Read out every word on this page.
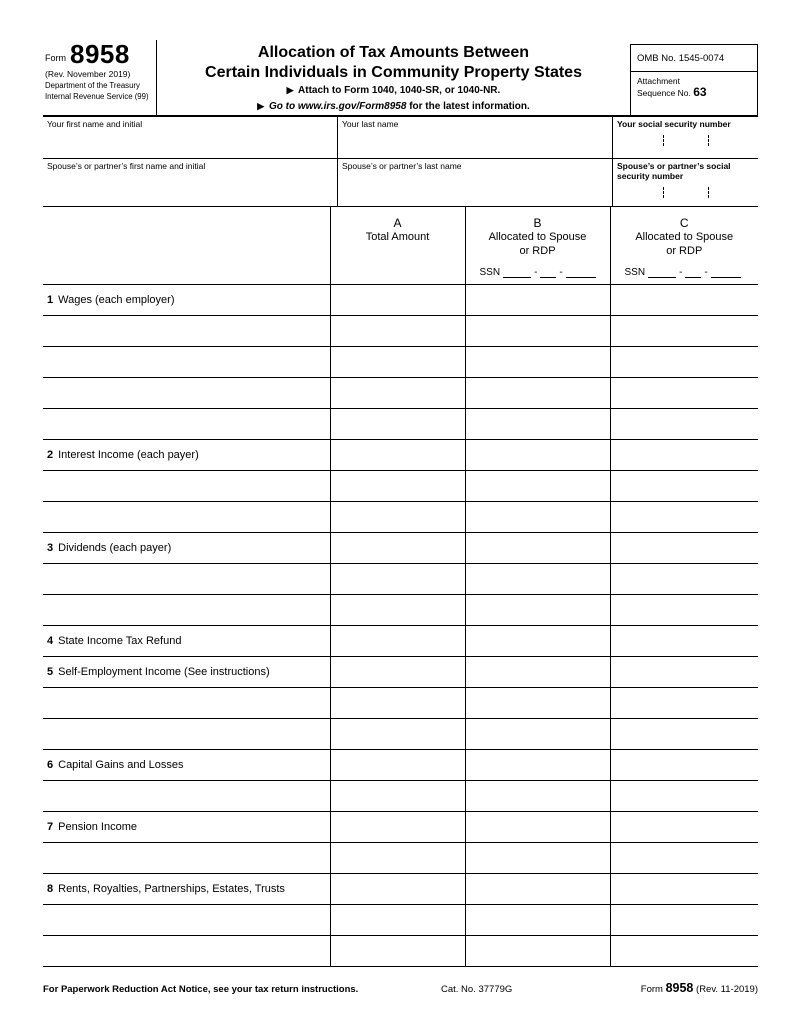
Form 8958
(Rev. November 2019)
Department of the Treasury
Internal Revenue Service (99)
Allocation of Tax Amounts Between
Certain Individuals in Community Property States
▶ Attach to Form 1040, 1040-SR, or 1040-NR.
▶ Go to www.irs.gov/Form8958 for the latest information.
OMB No. 1545-0074
Attachment
Sequence No. 63
Your first name and initial	Your last name	Your social security number
Spouse’s or partner’s first name and initial	Spouse’s or partner’s last name	Spouse’s or partner’s social security number

A
Total Amount

B
Allocated to Spouse
or RDP
SSN	- -

C
Allocated to Spouse
or RDP
SSN	- -

1 Wages (each employer)			

2 Interest Income (each payer)			

3 Dividends (each payer)			

4 State Income Tax Refund			
5 Self-Employment Income (See instructions)			

6 Capital Gains and Losses			

7 Pension Income			

8 Rents, Royalties, Partnerships, Estates, Trusts			

For Paperwork Reduction Act Notice, see your tax return instructions.	Cat. No. 37779G	Form 8958 (Rev. 11-2019)
